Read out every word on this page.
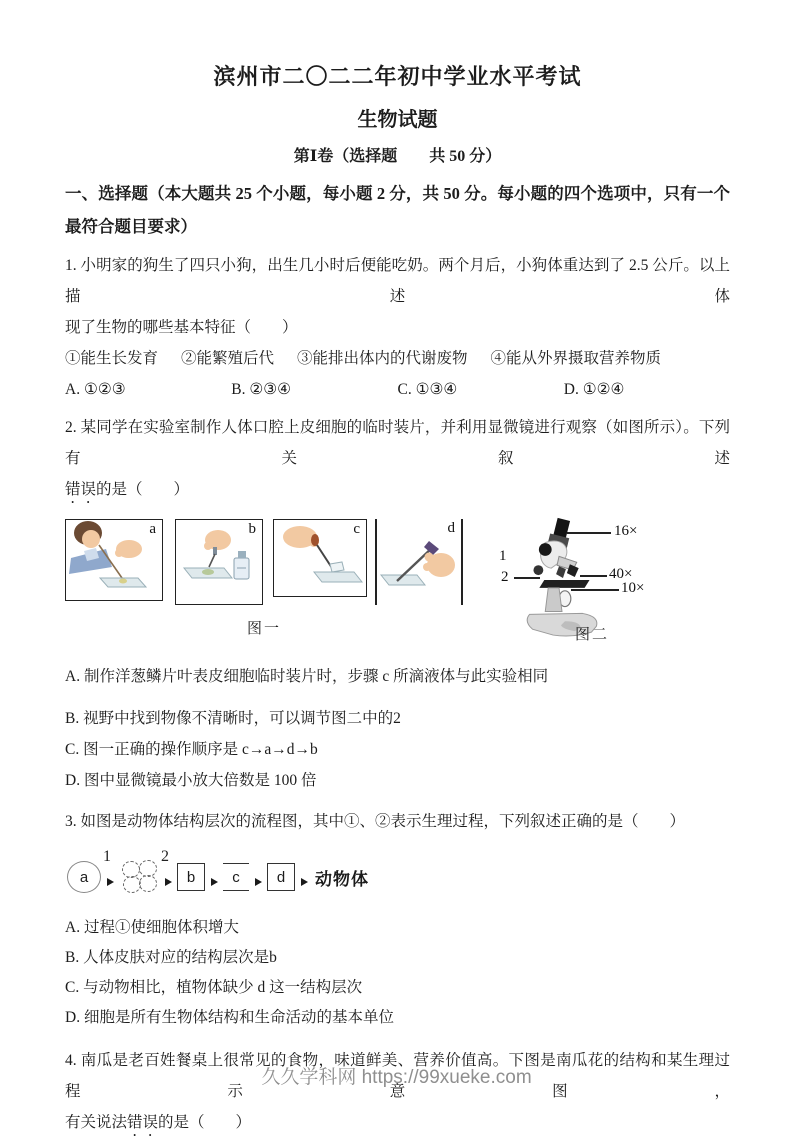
滨州市二〇二二年初中学业水平考试
生物试题
第Ⅰ卷（选择题　　共 50 分）
一、选择题（本大题共 25 个小题，每小题 2 分，共 50 分。每小题的四个选项中，只有一个
最符合题目要求）
1. 小明家的狗生了四只小狗，出生几小时后便能吃奶。两个月后，小狗体重达到了 2.5 公斤。以上描述体
现了生物的哪些基本特征（　　）
①能生长发育 ②能繁殖后代 ③能排出体内的代谢废物 ④能从外界摄取营养物质
A. ①②③	B. ②③④	C. ①③④	D. ①②④
2. 某同学在实验室制作人体口腔上皮细胞的临时装片，并利用显微镜进行观察（如图所示）。下列有关叙述
错误的是（　　）
a	b	c	d
图一
16×
1
2	40×
10×
图二
A. 制作洋葱鳞片叶表皮细胞临时装片时，步骤 c 所滴液体与此实验相同
B. 视野中找到物像不清晰时，可以调节图二中的2
C. 图一正确的操作顺序是 c→a→d→b
D. 图中显微镜最小放大倍数是 100 倍
3. 如图是动物体结构层次的流程图，其中①、②表示生理过程，下列叙述正确的是（　　）
a
1	2
b c d 动物体
A. 过程①使细胞体积增大
B. 人体皮肤对应的结构层次是b
C. 与动物相比，植物体缺少 d 这一结构层次
D. 细胞是所有生物体结构和生命活动的基本单位
4. 南瓜是老百姓餐桌上很常见的食物，味道鲜美、营养价值高。下图是南瓜花的结构和某生理过程示意图，
有关说法错误的是（　　）
久久学科网 https://99xueke.com
